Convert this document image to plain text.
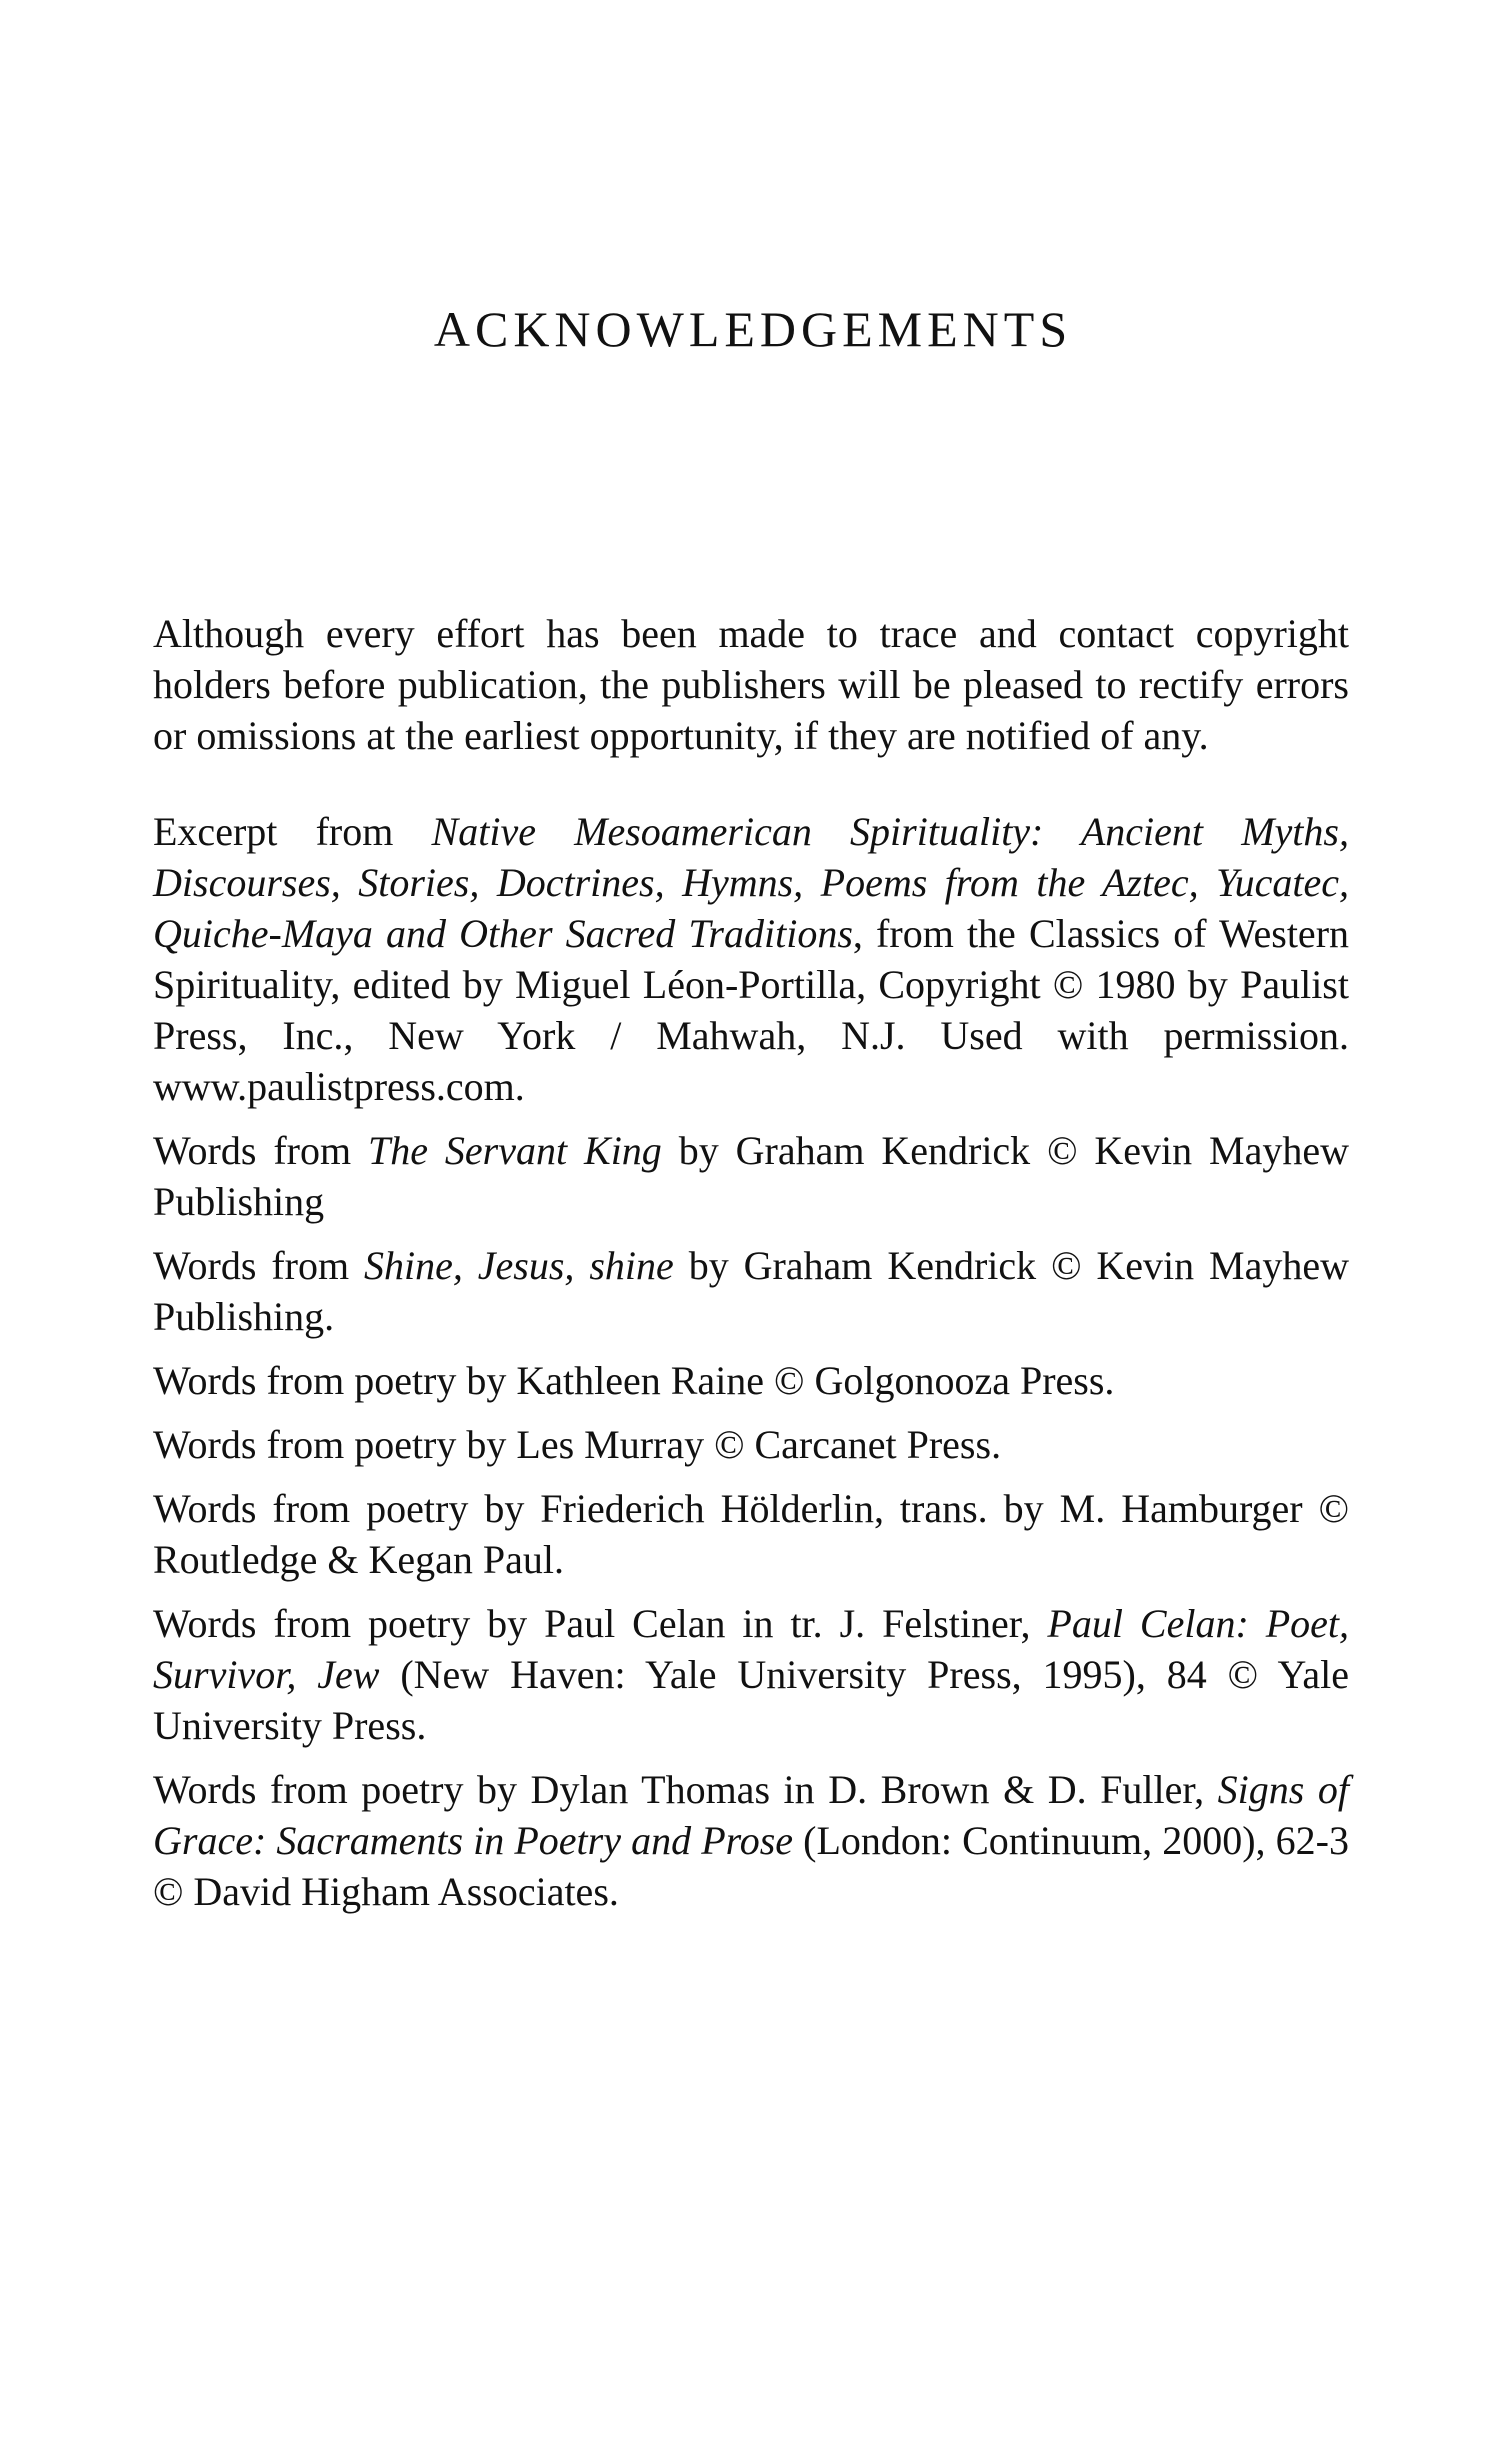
ACKNOWLEDGEMENTS

Although every effort has been made to trace and contact copyright holders before publication, the publishers will be pleased to rectify errors or omissions at the earliest opportunity, if they are notified of any.

Excerpt from Native Mesoamerican Spirituality: Ancient Myths, Discourses, Stories, Doctrines, Hymns, Poems from the Aztec, Yucatec, Quiche-Maya and Other Sacred Traditions, from the Classics of Western Spirituality, edited by Miguel Léon-Portilla, Copyright © 1980 by Paulist Press, Inc., New York / Mahwah, N.J. Used with permission. www.paulistpress.com.

Words from The Servant King by Graham Kendrick © Kevin Mayhew Publishing

Words from Shine, Jesus, shine by Graham Kendrick © Kevin Mayhew Publishing.

Words from poetry by Kathleen Raine © Golgonooza Press.

Words from poetry by Les Murray © Carcanet Press.

Words from poetry by Friederich Hölderlin, trans. by M. Hamburger © Routledge & Kegan Paul.

Words from poetry by Paul Celan in tr. J. Felstiner, Paul Celan: Poet, Survivor, Jew (New Haven: Yale University Press, 1995), 84 © Yale University Press.

Words from poetry by Dylan Thomas in D. Brown & D. Fuller, Signs of Grace: Sacraments in Poetry and Prose (London: Continuum, 2000), 62-3 © David Higham Associates.
